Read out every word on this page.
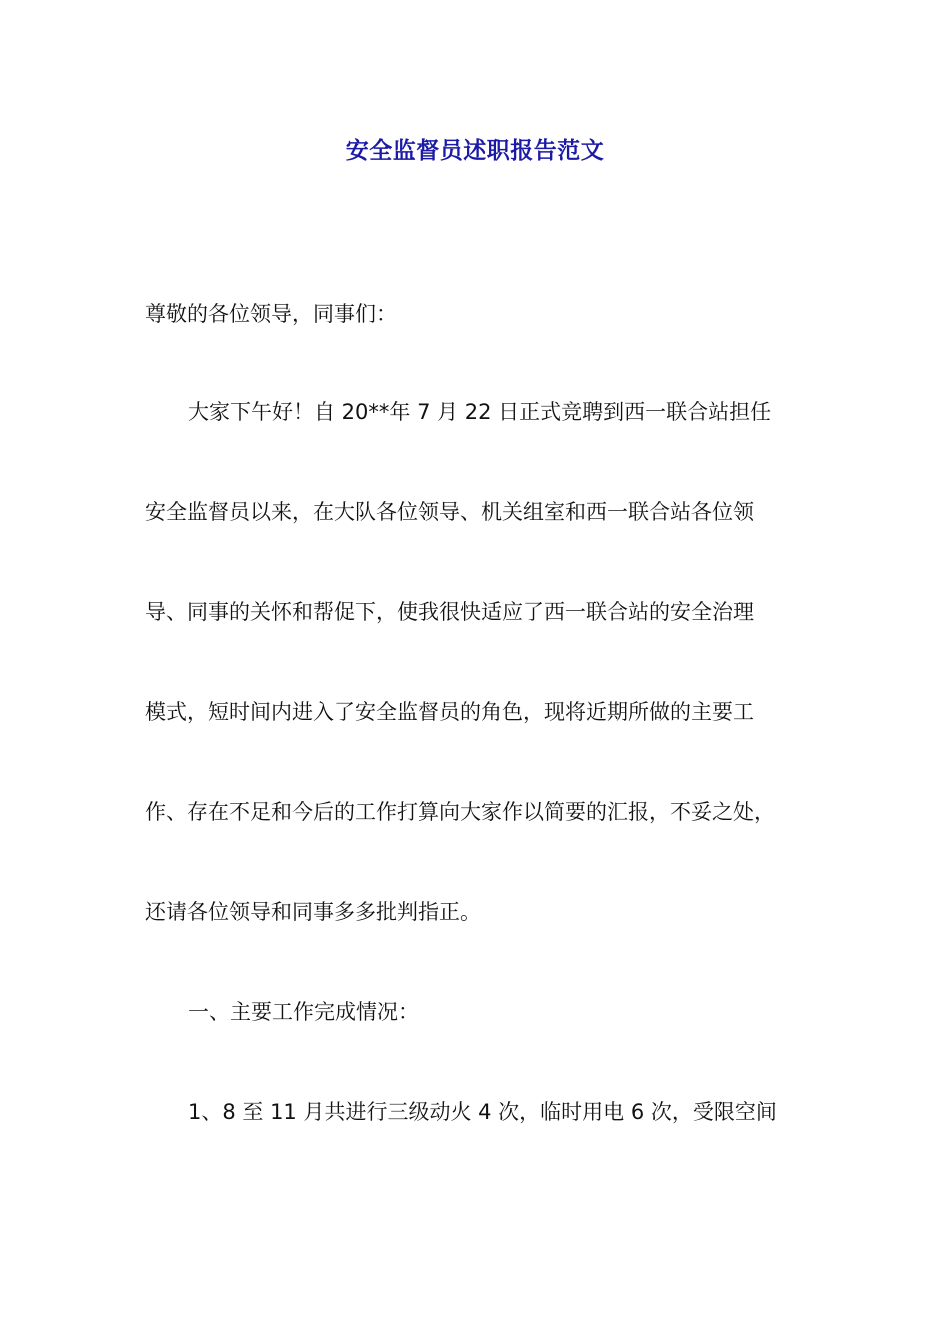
安全监督员述职报告范文
尊敬的各位领导，同事们：
大家下午好！自 20**年 7 月 22 日正式竞聘到西一联合站担任
安全监督员以来，在大队各位领导、机关组室和西一联合站各位领
导、同事的关怀和帮促下，使我很快适应了西一联合站的安全治理
模式，短时间内进入了安全监督员的角色，现将近期所做的主要工
作、存在不足和今后的工作打算向大家作以简要的汇报，不妥之处，
还请各位领导和同事多多批判指正。
一、主要工作完成情况：
1、8 至 11 月共进行三级动火 4 次，临时用电 6 次，受限空间
